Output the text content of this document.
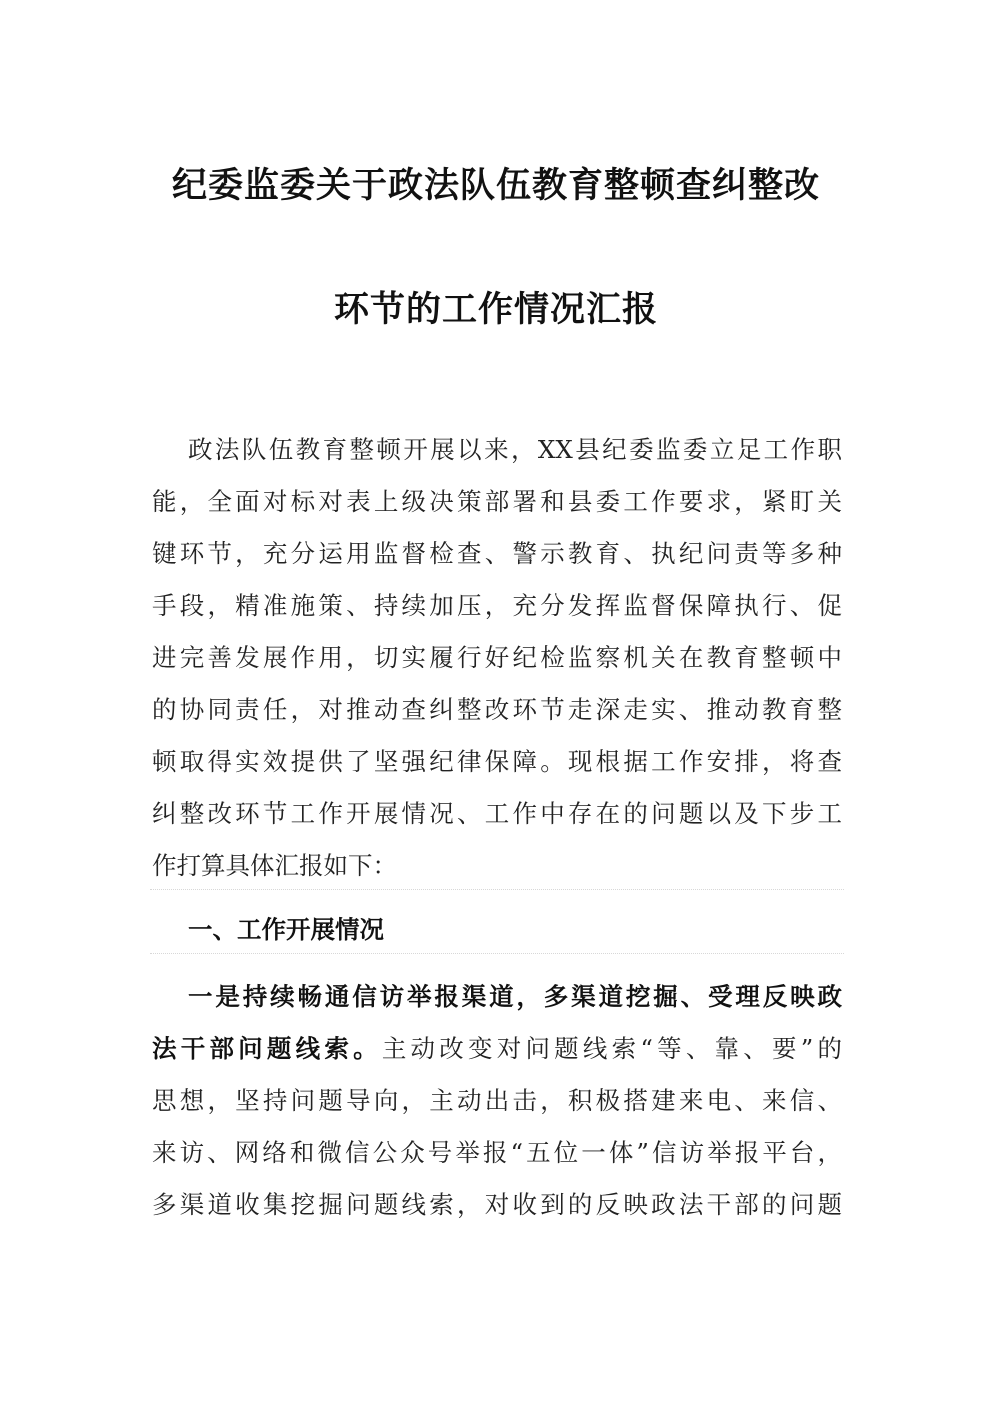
纪委监委关于政法队伍教育整顿查纠整改
环节的工作情况汇报
政法队伍教育整顿开展以来，XX县纪委监委立足工作职
能，全面对标对表上级决策部署和县委工作要求，紧盯关
键环节，充分运用监督检查、警示教育、执纪问责等多种
手段，精准施策、持续加压，充分发挥监督保障执行、促
进完善发展作用，切实履行好纪检监察机关在教育整顿中
的协同责任，对推动查纠整改环节走深走实、推动教育整
顿取得实效提供了坚强纪律保障。现根据工作安排，将查
纠整改环节工作开展情况、工作中存在的问题以及下步工
作打算具体汇报如下：
一、工作开展情况
一是持续畅通信访举报渠道，多渠道挖掘、受理反映政
法干部问题线索。主动改变对问题线索“等、靠、要”的
思想，坚持问题导向，主动出击，积极搭建来电、来信、
来访、网络和微信公众号举报“五位一体”信访举报平台，
多渠道收集挖掘问题线索，对收到的反映政法干部的问题
